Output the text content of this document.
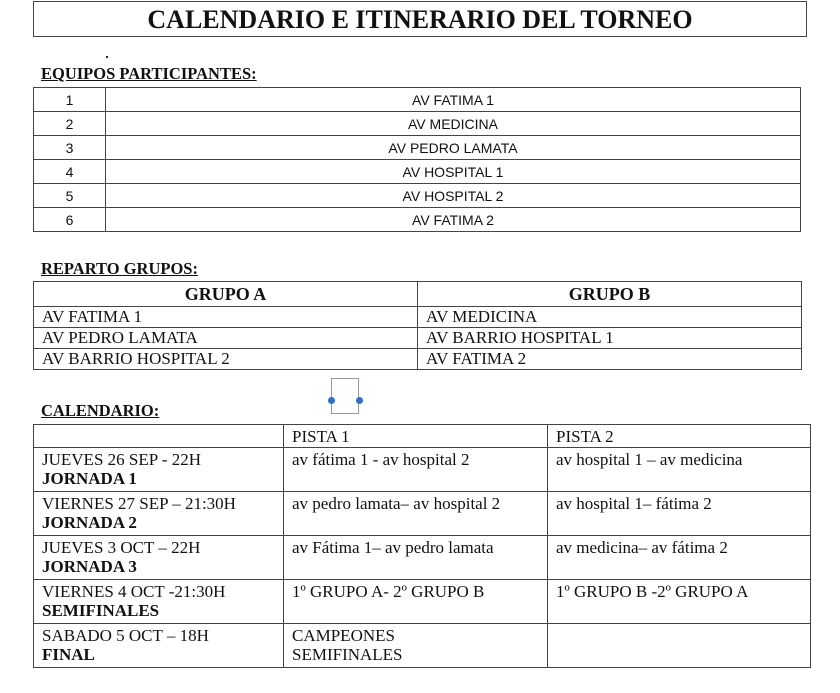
CALENDARIO E ITINERARIO DEL TORNEO
EQUIPOS PARTICIPANTES:
1	AV FATIMA 1
2	AV MEDICINA
3	AV PEDRO LAMATA
4	AV HOSPITAL 1
5	AV HOSPITAL 2
6	AV FATIMA 2
REPARTO GRUPOS:
GRUPO A	GRUPO B
AV FATIMA 1	AV MEDICINA
AV PEDRO LAMATA	AV BARRIO HOSPITAL 1
AV BARRIO HOSPITAL 2	AV FATIMA 2
CALENDARIO:
	PISTA 1	PISTA 2
JUEVES 26 SEP - 22H
JORNADA 1	av fátima 1 - av hospital 2	av hospital 1 – av medicina
VIERNES 27 SEP – 21:30H
JORNADA 2	av pedro lamata– av hospital 2	av hospital 1– fátima 2
JUEVES 3 OCT – 22H
JORNADA 3	av Fátima 1– av pedro lamata	av medicina– av fátima 2
VIERNES 4 OCT -21:30H
SEMIFINALES	1º GRUPO A- 2º GRUPO B	1º GRUPO B -2º GRUPO A
SABADO 5 OCT – 18H
FINAL	CAMPEONES SEMIFINALES	
